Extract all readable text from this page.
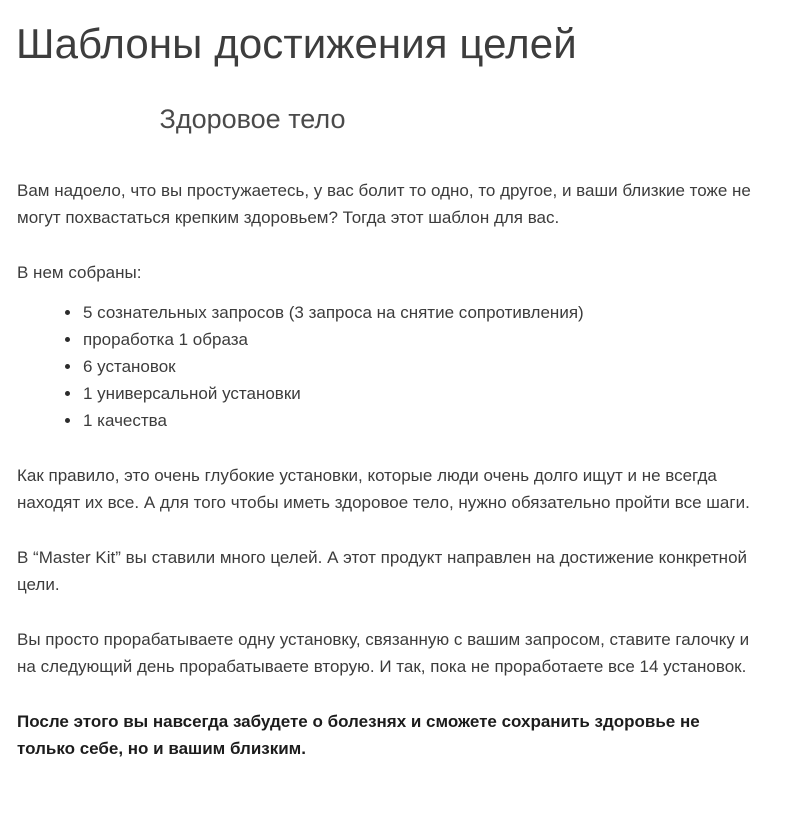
Шаблоны достижения целей
Здоровое тело

Вам надоело, что вы простужаетесь, у вас болит то одно, то другое, и ваши близкие тоже не могут похвастаться крепким здоровьем? Тогда этот шаблон для вас.

В нем собраны:

5 сознательных запросов (3 запроса на снятие сопротивления)
проработка 1 образа
6 установок
1 универсальной установки
1 качества

Как правило, это очень глубокие установки, которые люди очень долго ищут и не всегда находят их все. А для того чтобы иметь здоровое тело, нужно обязательно пройти все шаги.

В “Master Kit” вы ставили много целей. А этот продукт направлен на достижение конкретной цели.

Вы просто прорабатываете одну установку, связанную с вашим запросом, ставите галочку и на следующий день прорабатываете вторую. И так, пока не проработаете все 14 установок.

После этого вы навсегда забудете о болезнях и сможете сохранить здоровье не только себе, но и вашим близким.
